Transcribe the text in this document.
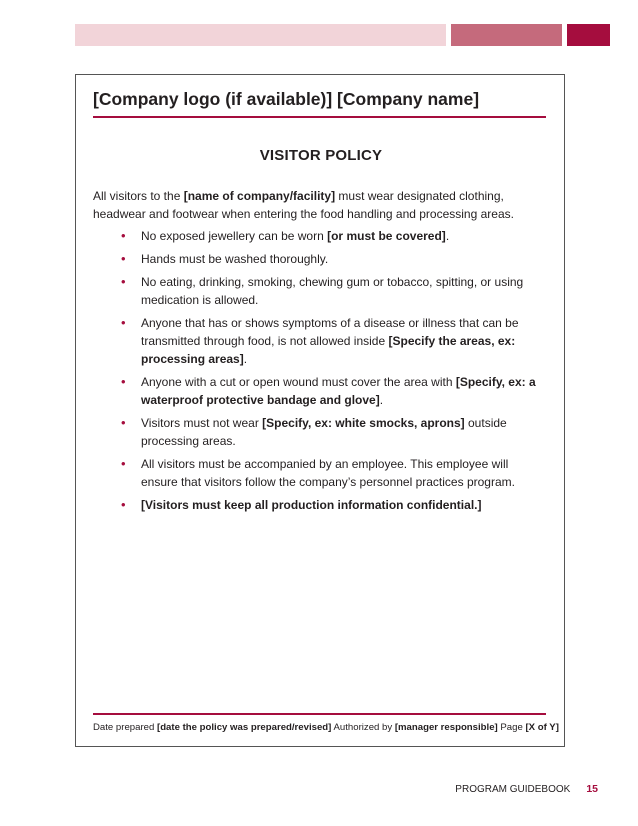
[Company logo (if available)] [Company name]
VISITOR POLICY
All visitors to the [name of company/facility] must wear designated clothing, headwear and footwear when entering the food handling and processing areas.
• No exposed jewellery can be worn [or must be covered].
• Hands must be washed thoroughly.
• No eating, drinking, smoking, chewing gum or tobacco, spitting, or using medication is allowed.
• Anyone that has or shows symptoms of a disease or illness that can be transmitted through food, is not allowed inside [Specify the areas, ex: processing areas].
• Anyone with a cut or open wound must cover the area with [Specify, ex: a waterproof protective bandage and glove].
• Visitors must not wear [Specify, ex: white smocks, aprons] outside processing areas.
• All visitors must be accompanied by an employee. This employee will ensure that visitors follow the company’s personnel practices program.
• [Visitors must keep all production information confidential.]
Date prepared [date the policy was prepared/revised] Authorized by [manager responsible] Page [X of Y]
PROGRAM GUIDEBOOK 15
